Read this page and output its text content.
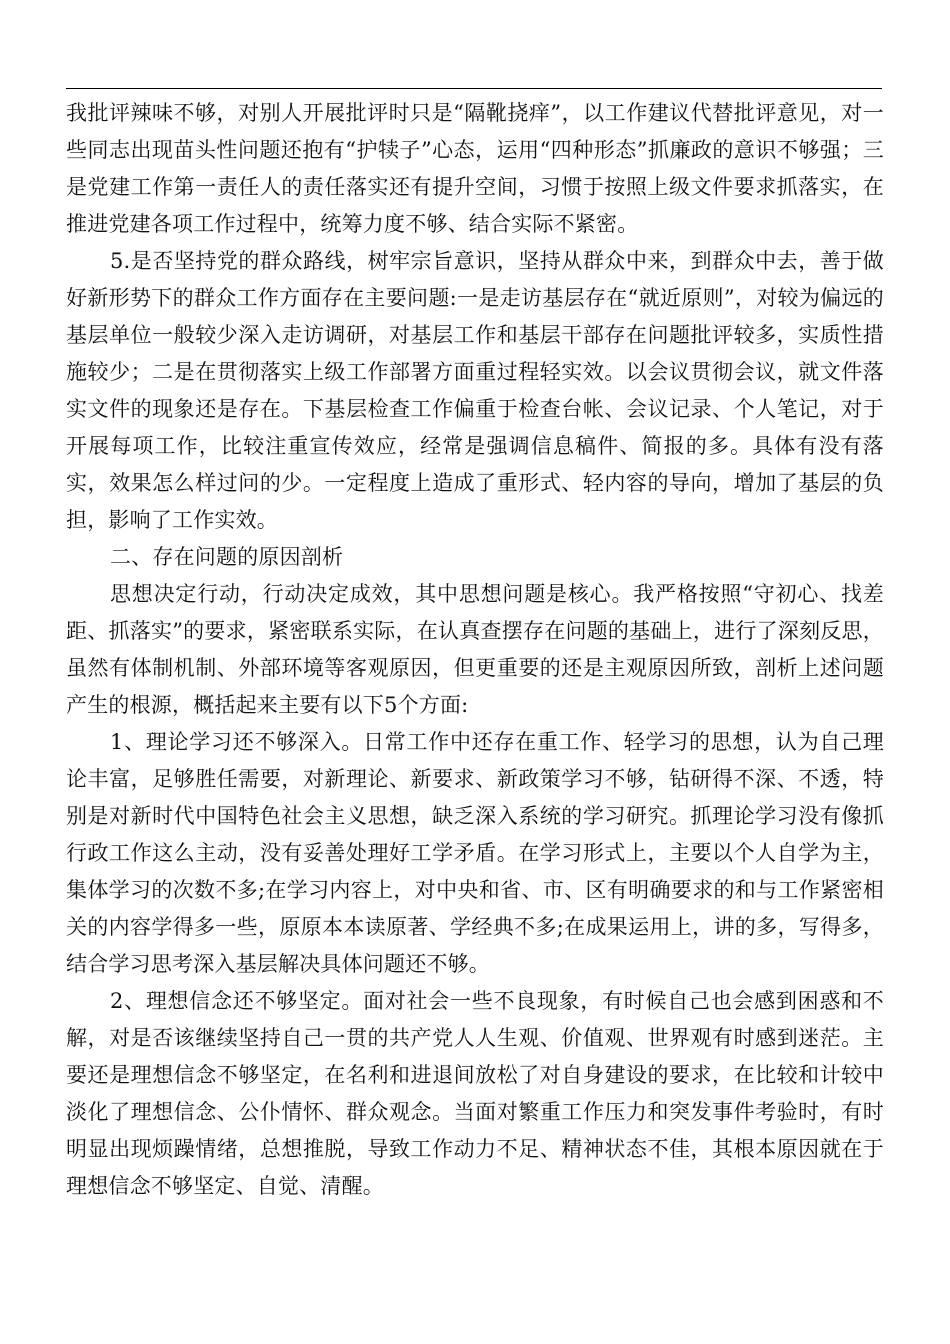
我批评辣味不够，对别人开展批评时只是“隔靴挠痒”，以工作建议代替批评意见，对一些同志出现苗头性问题还抱有“护犊子”心态，运用“四种形态”抓廉政的意识不够强；三是党建工作第一责任人的责任落实还有提升空间，习惯于按照上级文件要求抓落实，在推进党建各项工作过程中，统筹力度不够、结合实际不紧密。

5.是否坚持党的群众路线，树牢宗旨意识，坚持从群众中来，到群众中去，善于做好新形势下的群众工作方面存在主要问题:一是走访基层存在“就近原则”，对较为偏远的基层单位一般较少深入走访调研，对基层工作和基层干部存在问题批评较多，实质性措施较少；二是在贯彻落实上级工作部署方面重过程轻实效。以会议贯彻会议，就文件落实文件的现象还是存在。下基层检查工作偏重于检查台帐、会议记录、个人笔记，对于开展每项工作，比较注重宣传效应，经常是强调信息稿件、简报的多。具体有没有落实，效果怎么样过问的少。一定程度上造成了重形式、轻内容的导向，增加了基层的负担，影响了工作实效。

二、存在问题的原因剖析

思想决定行动，行动决定成效，其中思想问题是核心。我严格按照“守初心、找差距、抓落实”的要求，紧密联系实际，在认真查摆存在问题的基础上，进行了深刻反思，虽然有体制机制、外部环境等客观原因，但更重要的还是主观原因所致，剖析上述问题产生的根源，概括起来主要有以下5个方面:

1、理论学习还不够深入。日常工作中还存在重工作、轻学习的思想，认为自己理论丰富，足够胜任需要，对新理论、新要求、新政策学习不够，钻研得不深、不透，特别是对新时代中国特色社会主义思想，缺乏深入系统的学习研究。抓理论学习没有像抓行政工作这么主动，没有妥善处理好工学矛盾。在学习形式上，主要以个人自学为主，集体学习的次数不多;在学习内容上，对中央和省、市、区有明确要求的和与工作紧密相关的内容学得多一些，原原本本读原著、学经典不多;在成果运用上，讲的多，写得多，结合学习思考深入基层解决具体问题还不够。

2、理想信念还不够坚定。面对社会一些不良现象，有时候自己也会感到困惑和不解，对是否该继续坚持自己一贯的共产党人人生观、价值观、世界观有时感到迷茫。主要还是理想信念不够坚定，在名利和进退间放松了对自身建设的要求，在比较和计较中淡化了理想信念、公仆情怀、群众观念。当面对繁重工作压力和突发事件考验时，有时明显出现烦躁情绪，总想推脱，导致工作动力不足、精神状态不佳，其根本原因就在于理想信念不够坚定、自觉、清醒。
